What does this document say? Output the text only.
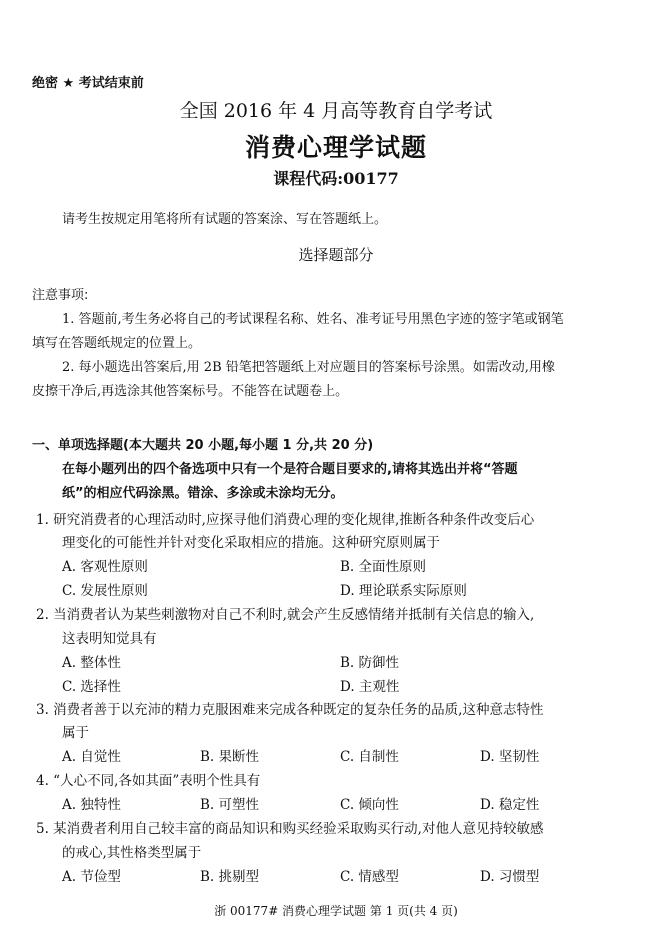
绝密 ★ 考试结束前
全国 2016 年 4 月高等教育自学考试
消费心理学试题
课程代码:00177
请考生按规定用笔将所有试题的答案涂、写在答题纸上。
选择题部分
注意事项:
1. 答题前,考生务必将自己的考试课程名称、姓名、准考证号用黑色字迹的签字笔或钢笔
填写在答题纸规定的位置上。
2. 每小题选出答案后,用 2B 铅笔把答题纸上对应题目的答案标号涂黑。如需改动,用橡
皮擦干净后,再选涂其他答案标号。不能答在试题卷上。
一、单项选择题(本大题共 20 小题,每小题 1 分,共 20 分)
在每小题列出的四个备选项中只有一个是符合题目要求的,请将其选出并将“答题
纸”的相应代码涂黑。错涂、多涂或未涂均无分。
1. 研究消费者的心理活动时,应探寻他们消费心理的变化规律,推断各种条件改变后心
理变化的可能性并针对变化采取相应的措施。这种研究原则属于
A. 客观性原则	B. 全面性原则
C. 发展性原则	D. 理论联系实际原则
2. 当消费者认为某些刺激物对自己不利时,就会产生反感情绪并抵制有关信息的输入,
这表明知觉具有
A. 整体性	B. 防御性
C. 选择性	D. 主观性
3. 消费者善于以充沛的精力克服困难来完成各种既定的复杂任务的品质,这种意志特性
属于
A. 自觉性	B. 果断性	C. 自制性	D. 坚韧性
4. “人心不同,各如其面”表明个性具有
A. 独特性	B. 可塑性	C. 倾向性	D. 稳定性
5. 某消费者利用自己较丰富的商品知识和购买经验采取购买行动,对他人意见持较敏感
的戒心,其性格类型属于
A. 节俭型	B. 挑剔型	C. 情感型	D. 习惯型
浙 00177# 消费心理学试题 第 1 页(共 4 页)
